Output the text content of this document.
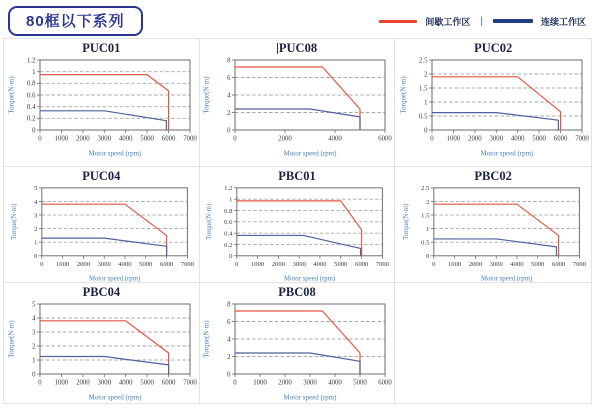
80框以下系列	间歇工作区 |	连续工作区
PUC01
0
0.2
0.4
0.6
0.8
1
1.2
0 1000 2000 3000 4000 5000 6000 7000
Motor speed (rpm)
Torque(N·m)
PUC08
0
2
4
6
8
0	2000	4000	6000
Motor speed (rpm)
Torque(N·m)
PUC02
0
0.5
1
1.5
2
2.5
0 1000 2000 3000 4000 5000 6000 7000
Motor speed (rpm)
Torque(N·m)
PUC04
0
1
2
3
4
5
0 1000 2000 3000 4000 5000 6000 7000
Motor speed (rpm)
Torque(N·m)
PBC01
0
0.2
0.4
0.6
0.8
1
1.2
0 1000 2000 3000 4000 5000 6000 7000
Motor speed (rpm)
Torque(N·m)
PBC02
0
0.5
1
1.5
2
2.5
0 1000 2000 3000 4000 5000 6000 7000
Motor speed (rpm)
Torque(N·m)
PBC04
0
1
2
3
4
5
0 1000 2000 3000 4000 5000 6000 7000
Motor speed (rpm)
Torque(N·m)
PBC08
0
2
4
6
8
0 1000 2000 3000 4000 5000 6000
Motor speed (rpm)
Torque(N·m)
